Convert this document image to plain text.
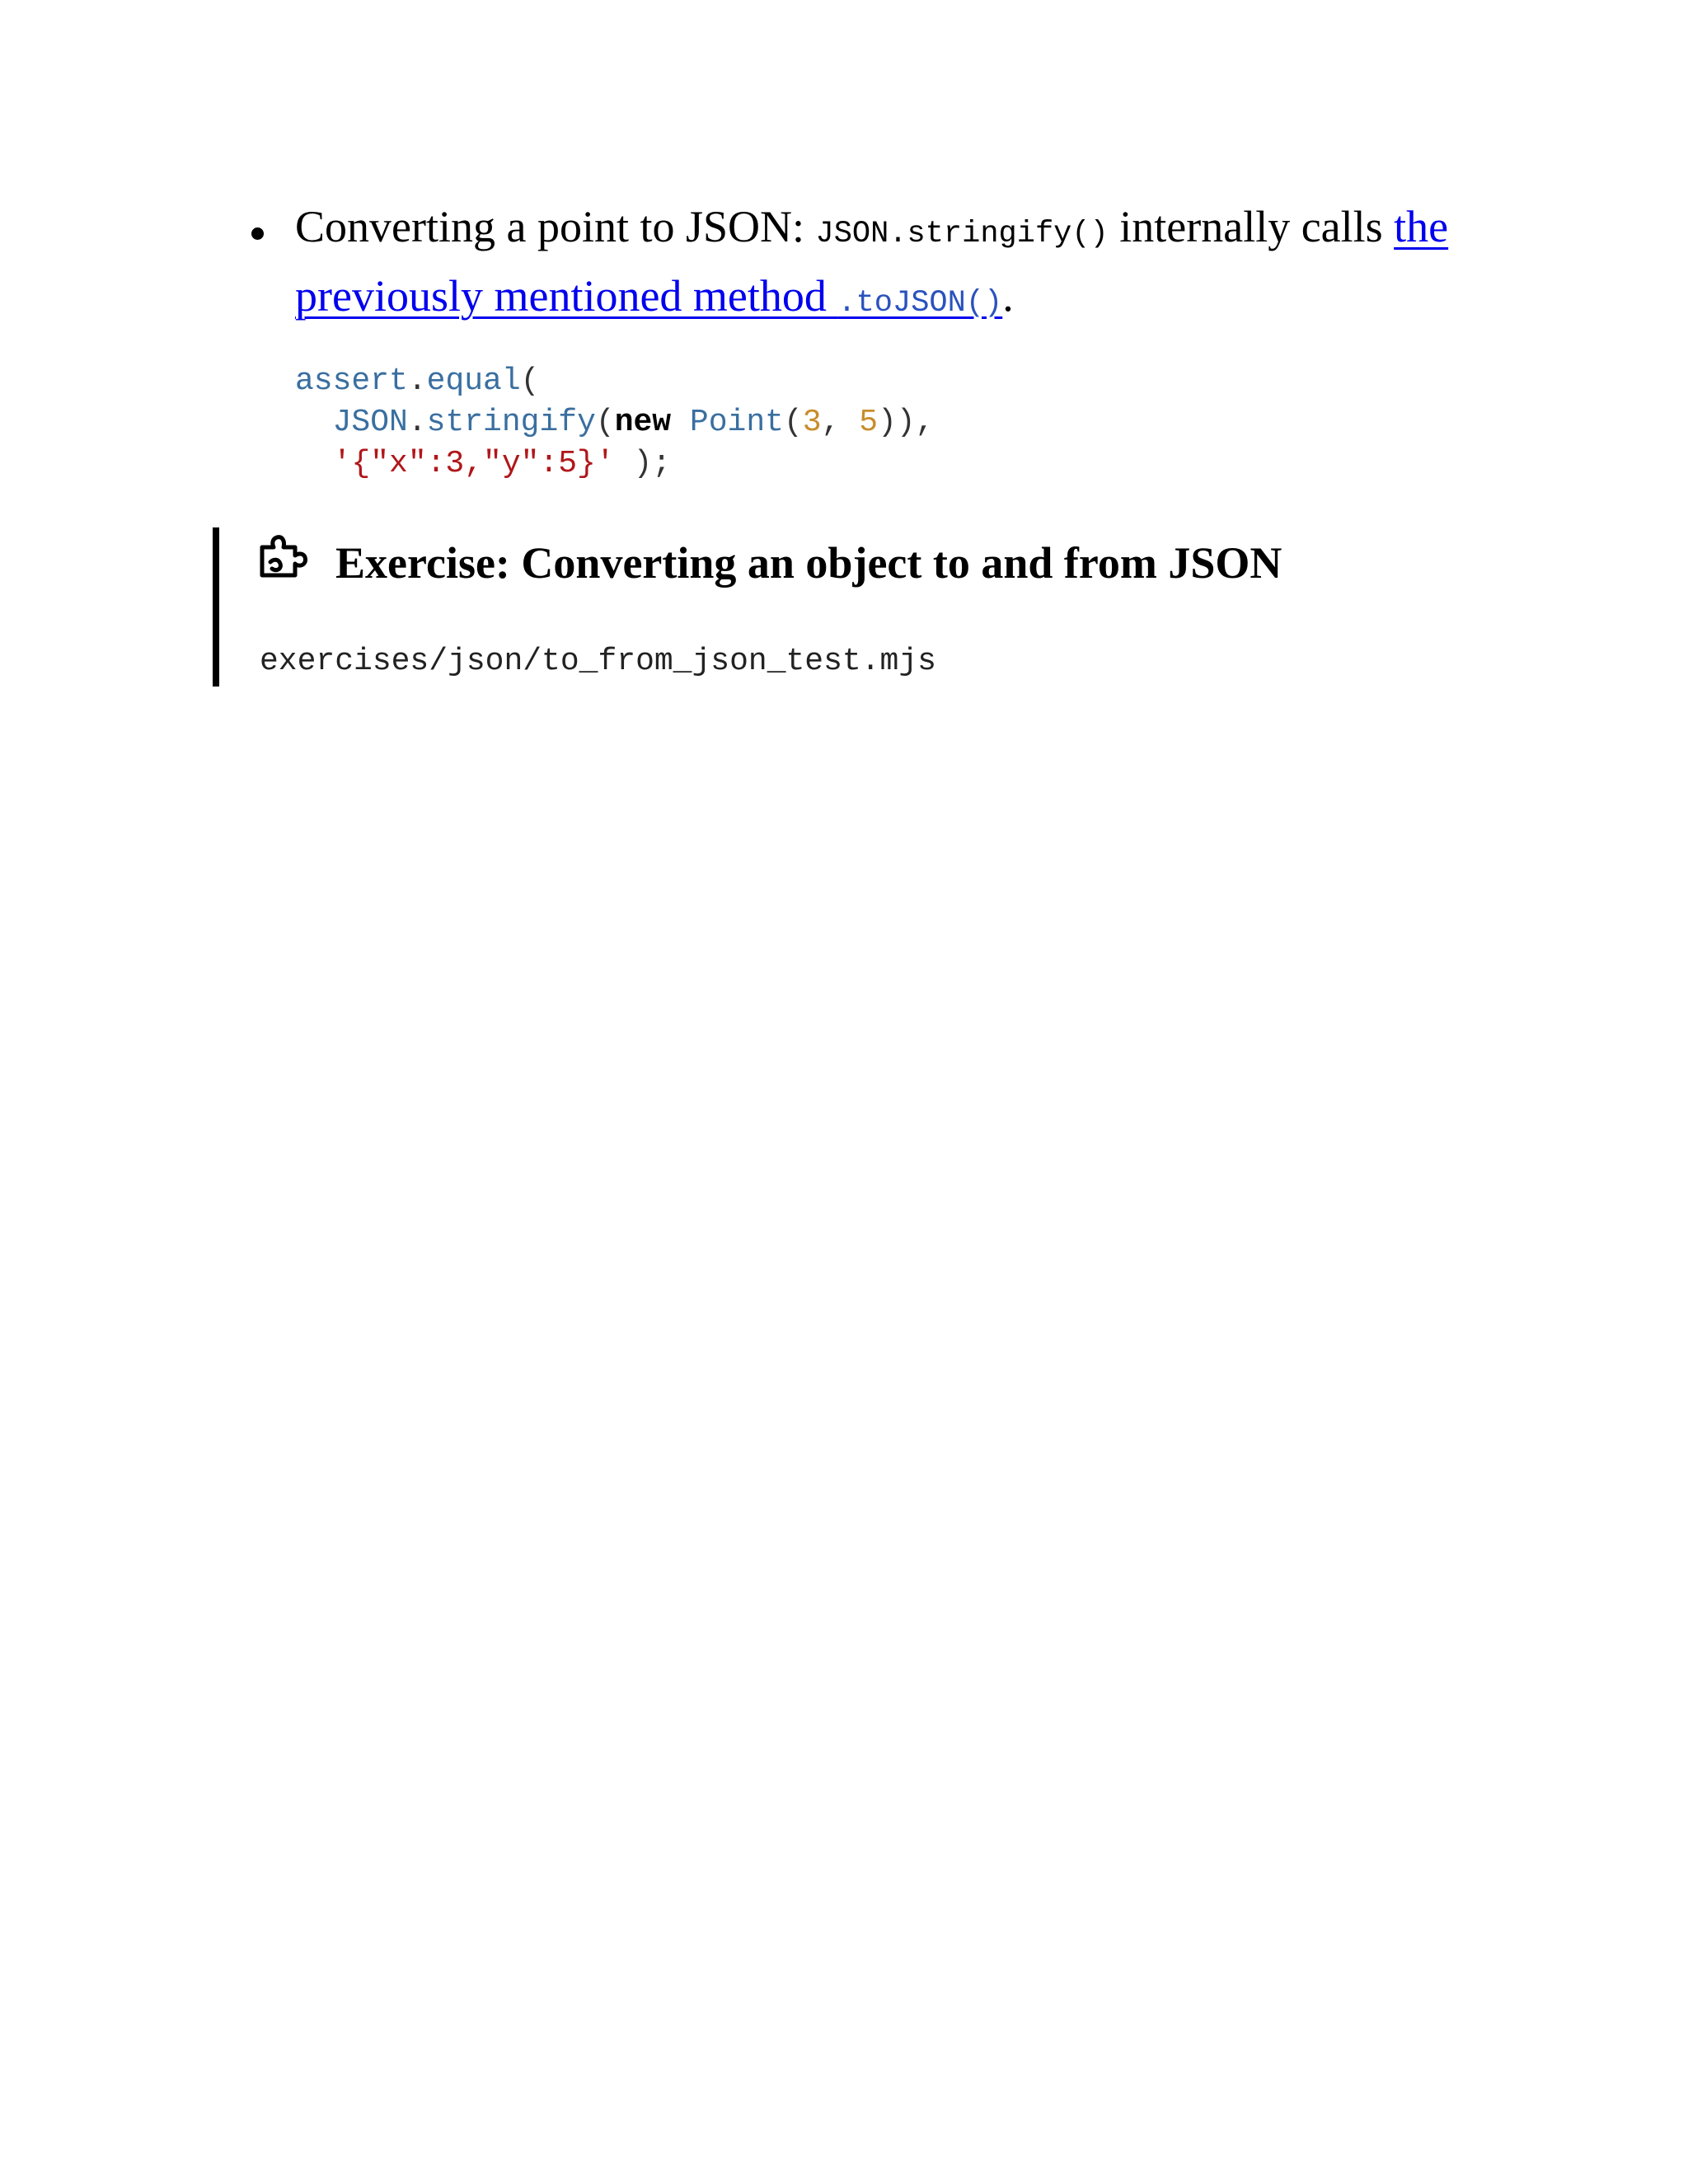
Converting a point to JSON: JSON.stringify() internally calls the previously mentioned method .toJSON().
assert.equal(
JSON.stringify(new Point(3, 5)),
'{"x":3,"y":5}' );
Exercise: Converting an object to and from JSON
exercises/json/to_from_json_test.mjs
